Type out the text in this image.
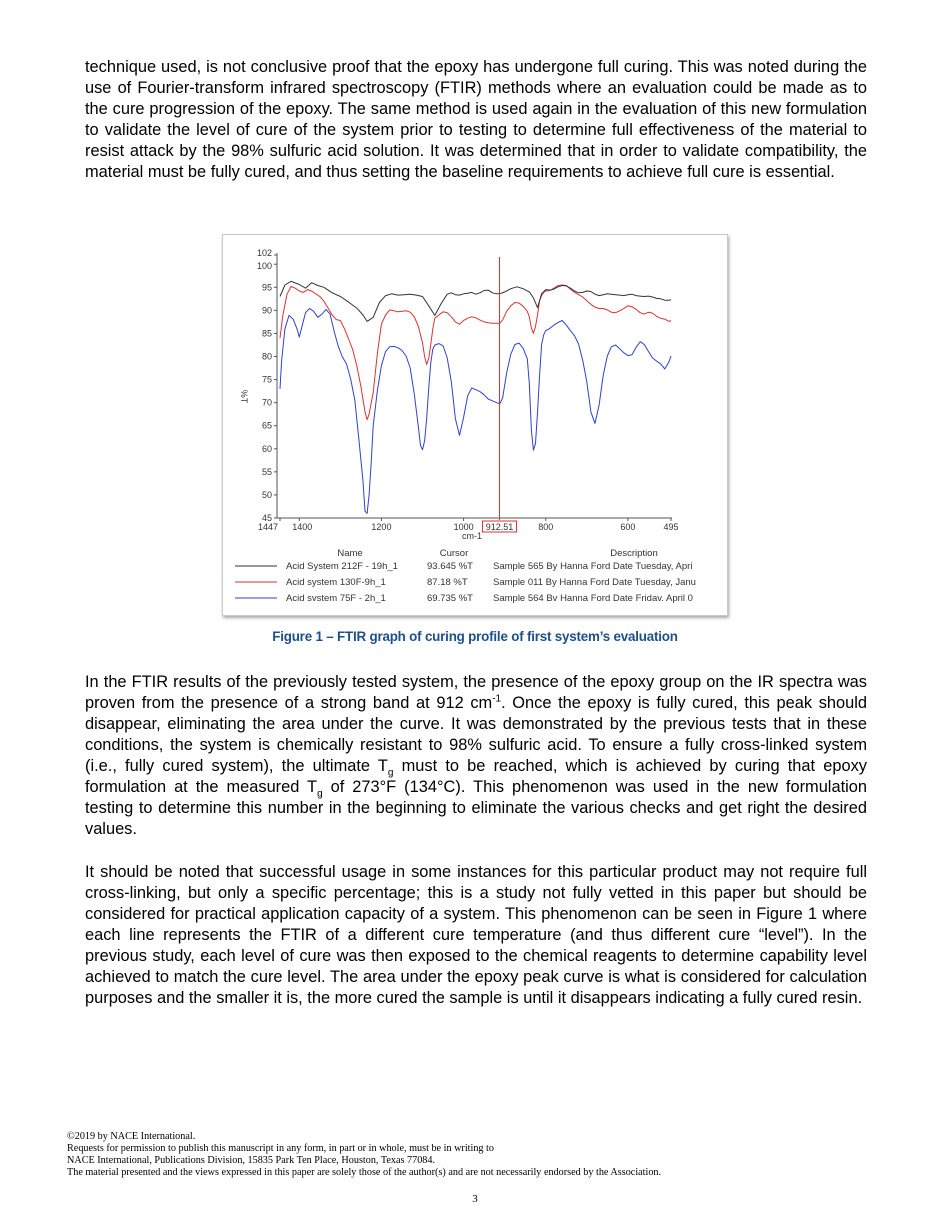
technique used, is not conclusive proof that the epoxy has undergone full curing. This was noted during the use of Fourier-transform infrared spectroscopy (FTIR) methods where an evaluation could be made as to the cure progression of the epoxy. The same method is used again in the evaluation of this new formulation to validate the level of cure of the system prior to testing to determine full effectiveness of the material to resist attack by the 98% sulfuric acid solution. It was determined that in order to validate compatibility, the material must be fully cured, and thus setting the baseline requirements to achieve full cure is essential.

45
50
55
60
65
70
75
80
85
90
95
100
102
1447 1400	1200	1000	800	600	495
cm-1
%T
912.51
Name	Cursor	Description
Acid System 212F - 19h_1	93.645 %T Sample 565 By Hanna Ford Date Tuesday, Apri
Acid system 130F-9h_1	87.18 %T	Sample 011 By Hanna Ford Date Tuesday, Janu
Acid svstem 75F - 2h_1	69.735 %T Sample 564 Bv Hanna Ford Date Fridav. April 0
Figure 1 – FTIR graph of curing profile of first system’s evaluation

In the FTIR results of the previously tested system, the presence of the epoxy group on the IR spectra was proven from the presence of a strong band at 912 $cm^{-1}$. Once the epoxy is fully cured, this peak should disappear, eliminating the area under the curve. It was demonstrated by the previous tests that in these conditions, the system is chemically resistant to 98% sulfuric acid. To ensure a fully cross-linked system (i.e., fully cured system), the ultimate $T_g$ must to be reached, which is achieved by curing that epoxy formulation at the measured $T_g$ of 273°F (134°C). This phenomenon was used in the new formulation testing to determine this number in the beginning to eliminate the various checks and get right the desired values.

It should be noted that successful usage in some instances for this particular product may not require full cross-linking, but only a specific percentage; this is a study not fully vetted in this paper but should be considered for practical application capacity of a system. This phenomenon can be seen in Figure 1 where each line represents the FTIR of a different cure temperature (and thus different cure “level”). In the previous study, each level of cure was then exposed to the chemical reagents to determine capability level achieved to match the cure level. The area under the epoxy peak curve is what is considered for calculation purposes and the smaller it is, the more cured the sample is until it disappears indicating a fully cured resin.

©2019 by NACE International.
Requests for permission to publish this manuscript in any form, in part or in whole, must be in writing to
NACE International, Publications Division, 15835 Park Ten Place, Houston, Texas 77084.
The material presented and the views expressed in this paper are solely those of the author(s) and are not necessarily endorsed by the Association.
3
